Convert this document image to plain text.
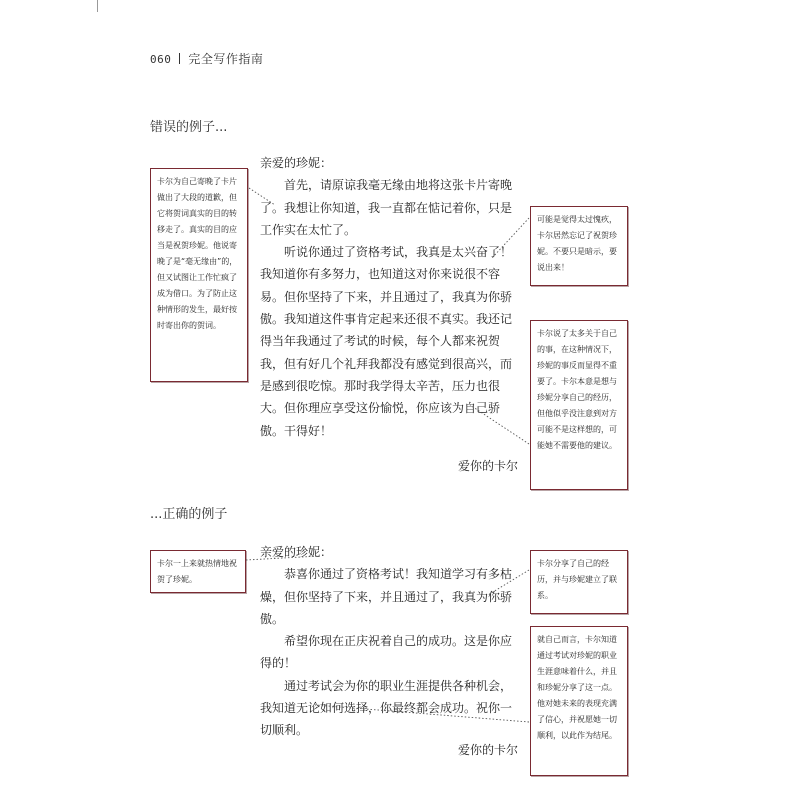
060 完全写作指南
错误的例子...

亲爱的珍妮：

首先，请原谅我毫无缘由地将这张卡片寄晚了。我想让你知道，我一直都在惦记着你，只是工作实在太忙了。

听说你通过了资格考试，我真是太兴奋了！我知道你有多努力，也知道这对你来说很不容易。但你坚持了下来，并且通过了，我真为你骄傲。我知道这件事肯定起来还很不真实。我还记得当年我通过了考试的时候，每个人都来祝贺我，但有好几个礼拜我都没有感觉到很高兴，而是感到很吃惊。那时我学得太辛苦，压力也很大。但你理应享受这份愉悦，你应该为自己骄傲。干得好！

爱你的卡尔
卡尔为自己寄晚了卡片做出了大段的道歉，但它将贺词真实的目的转移走了。真实的目的应当是祝贺珍妮。他说寄晚了是“毫无缘由”的，但又试图让工作忙疯了成为借口。为了防止这种情形的发生，最好按时寄出你的贺词。
可能是觉得太过愧疚，卡尔居然忘记了祝贺珍妮。不要只是暗示，要说出来！
卡尔说了太多关于自己的事，在这种情况下，珍妮的事反而显得不重要了。卡尔本意是想与珍妮分享自己的经历，但他似乎没注意到对方可能不是这样想的，可能她不需要他的建议。
...正确的例子

亲爱的珍妮：

恭喜你通过了资格考试！我知道学习有多枯燥，但你坚持了下来，并且通过了，我真为你骄傲。

希望你现在正庆祝着自己的成功。这是你应得的！

通过考试会为你的职业生涯提供各种机会，我知道无论如何选择，你最终都会成功。祝你一切顺利。

爱你的卡尔
卡尔一上来就热情地祝贺了珍妮。
卡尔分享了自己的经历，并与珍妮建立了联系。
就自己而言，卡尔知道通过考试对珍妮的职业生涯意味着什么，并且和珍妮分享了这一点。他对她未来的表现充满了信心，并祝愿她一切顺利，以此作为结尾。
